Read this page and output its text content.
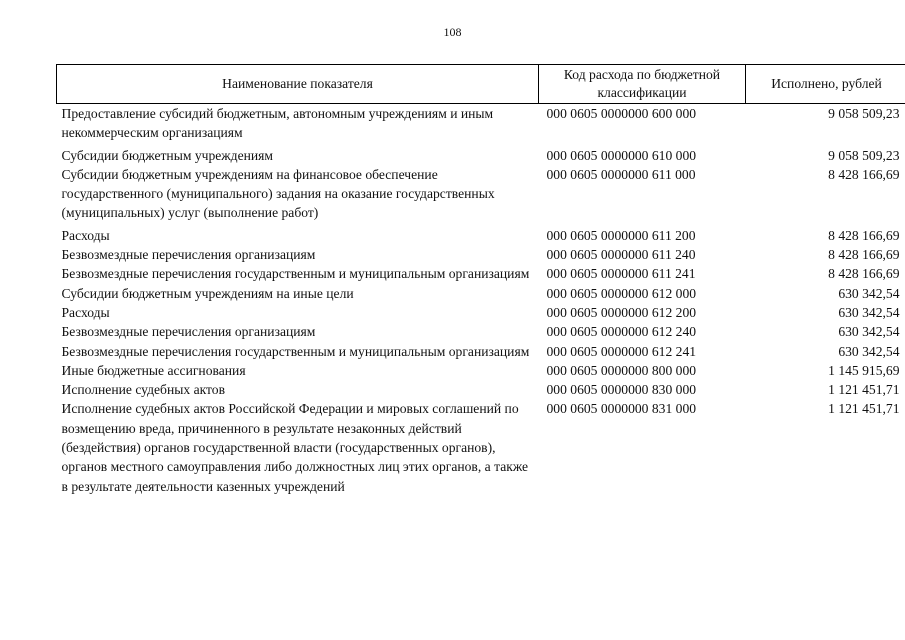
108
Наименование показателя	Код расхода по бюджетной классификации	Исполнено, рублей
Предоставление субсидий бюджетным, автономным учреждениям и иным некоммерческим организациям	000 0605 0000000 600 000	9 058 509,23
Субсидии бюджетным учреждениям	000 0605 0000000 610 000	9 058 509,23
Субсидии бюджетным учреждениям на финансовое обеспечение государственного (муниципального) задания на оказание государственных (муниципальных) услуг (выполнение работ)	000 0605 0000000 611 000	8 428 166,69
Расходы	000 0605 0000000 611 200	8 428 166,69
Безвозмездные перечисления организациям	000 0605 0000000 611 240	8 428 166,69
Безвозмездные перечисления государственным и муниципальным организациям	000 0605 0000000 611 241	8 428 166,69
Субсидии бюджетным учреждениям на иные цели	000 0605 0000000 612 000	630 342,54
Расходы	000 0605 0000000 612 200	630 342,54
Безвозмездные перечисления организациям	000 0605 0000000 612 240	630 342,54
Безвозмездные перечисления государственным и муниципальным организациям	000 0605 0000000 612 241	630 342,54
Иные бюджетные ассигнования	000 0605 0000000 800 000	1 145 915,69
Исполнение судебных актов	000 0605 0000000 830 000	1 121 451,71
Исполнение судебных актов Российской Федерации и мировых соглашений по возмещению вреда, причиненного в результате незаконных действий (бездействия) органов государственной власти (государственных органов), органов местного самоуправления либо должностных лиц этих органов, а также в результате деятельности казенных учреждений	000 0605 0000000 831 000	1 121 451,71
